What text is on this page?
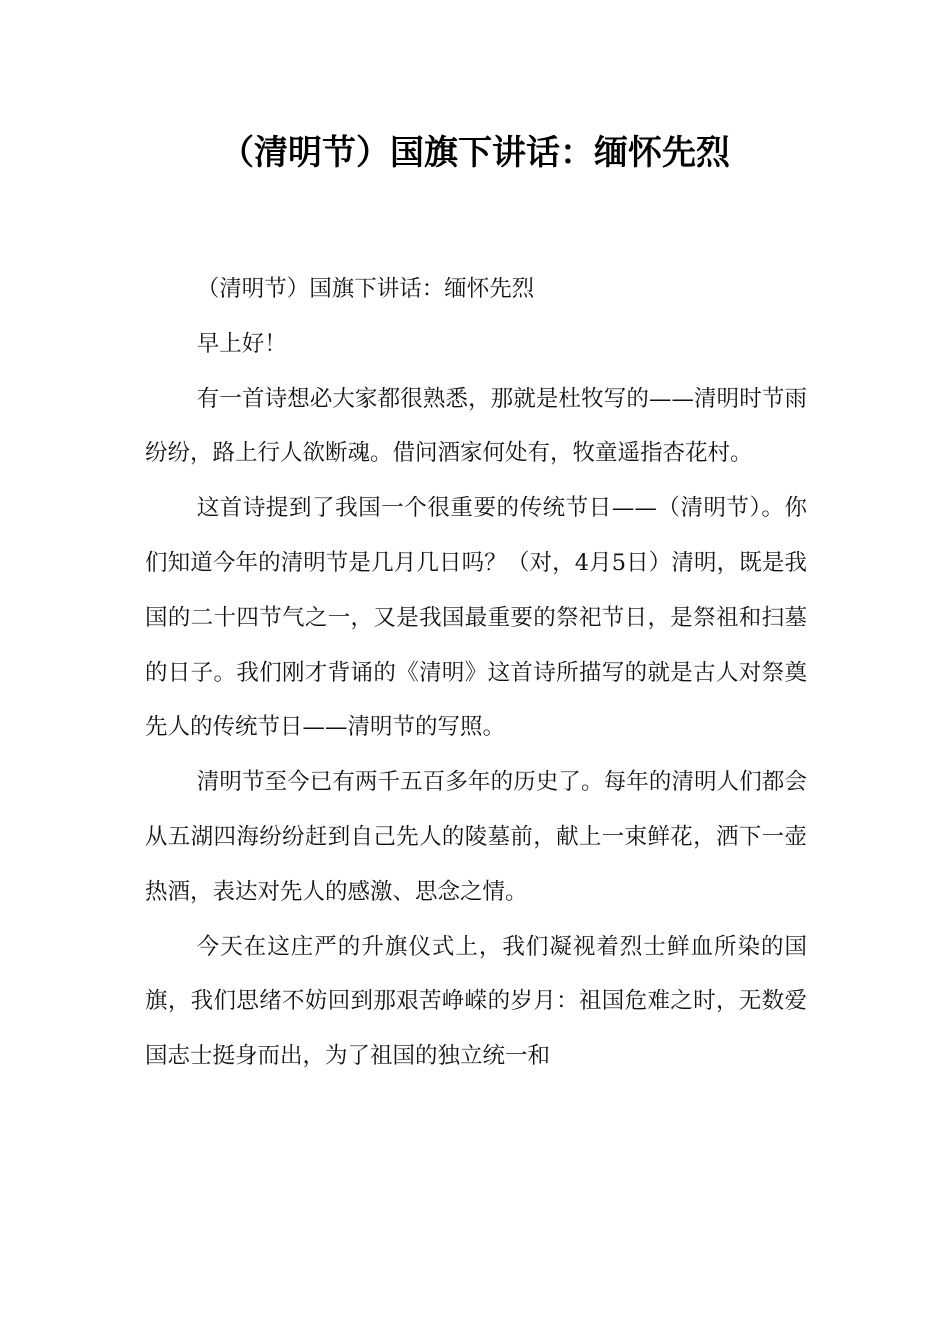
（清明节）国旗下讲话：缅怀先烈

（清明节）国旗下讲话：缅怀先烈

早上好！

有一首诗想必大家都很熟悉，那就是杜牧写的——清明时节雨纷纷，路上行人欲断魂。借问酒家何处有，牧童遥指杏花村。

这首诗提到了我国一个很重要的传统节日——（清明节）。你们知道今年的清明节是几月几日吗？（对，4月5日）清明，既是我国的二十四节气之一，又是我国最重要的祭祀节日，是祭祖和扫墓的日子。我们刚才背诵的《清明》这首诗所描写的就是古人对祭奠先人的传统节日——清明节的写照。

清明节至今已有两千五百多年的历史了。每年的清明人们都会从五湖四海纷纷赶到自己先人的陵墓前，献上一束鲜花，洒下一壶热酒，表达对先人的感激、思念之情。

今天在这庄严的升旗仪式上，我们凝视着烈士鲜血所染的国旗，我们思绪不妨回到那艰苦峥嵘的岁月：祖国危难之时，无数爱国志士挺身而出，为了祖国的独立统一和
